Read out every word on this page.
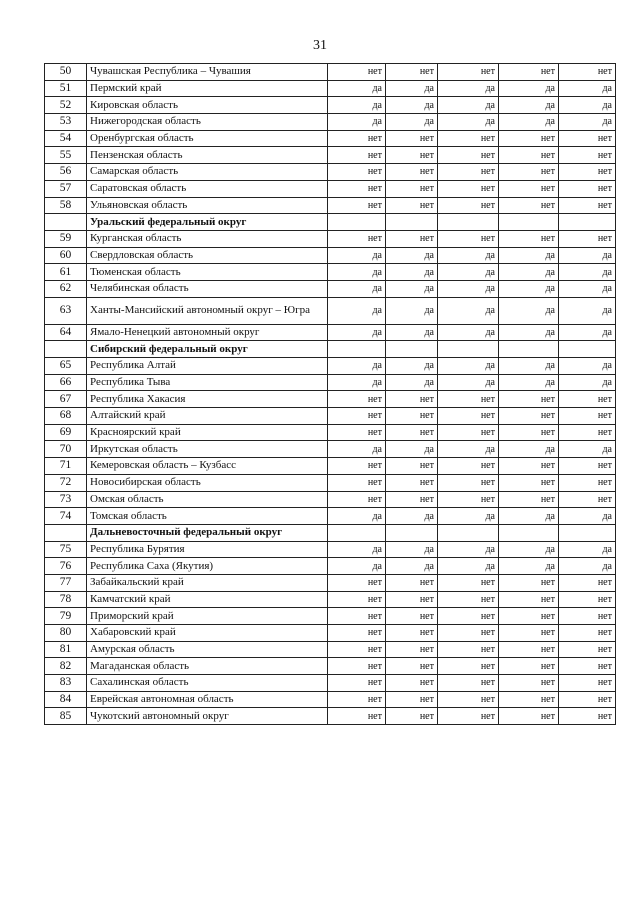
31
50	Чувашская Республика – Чувашия	нет	нет	нет	нет	нет
51	Пермский край	да	да	да	да	да
52	Кировская область	да	да	да	да	да
53	Нижегородская область	да	да	да	да	да
54	Оренбургская область	нет	нет	нет	нет	нет
55	Пензенская область	нет	нет	нет	нет	нет
56	Самарская область	нет	нет	нет	нет	нет
57	Саратовская область	нет	нет	нет	нет	нет
58	Ульяновская область	нет	нет	нет	нет	нет
	Уральский федеральный округ					
59	Курганская область	нет	нет	нет	нет	нет
60	Свердловская область	да	да	да	да	да
61	Тюменская область	да	да	да	да	да
62	Челябинская область	да	да	да	да	да
63	Ханты-Мансийский автономный округ – Югра	да	да	да	да	да
64	Ямало-Ненецкий автономный округ	да	да	да	да	да
	Сибирский федеральный округ					
65	Республика Алтай	да	да	да	да	да
66	Республика Тыва	да	да	да	да	да
67	Республика Хакасия	нет	нет	нет	нет	нет
68	Алтайский край	нет	нет	нет	нет	нет
69	Красноярский край	нет	нет	нет	нет	нет
70	Иркутская область	да	да	да	да	да
71	Кемеровская область – Кузбасс	нет	нет	нет	нет	нет
72	Новосибирская область	нет	нет	нет	нет	нет
73	Омская область	нет	нет	нет	нет	нет
74	Томская область	да	да	да	да	да
	Дальневосточный федеральный округ					
75	Республика Бурятия	да	да	да	да	да
76	Республика Саха (Якутия)	да	да	да	да	да
77	Забайкальский край	нет	нет	нет	нет	нет
78	Камчатский край	нет	нет	нет	нет	нет
79	Приморский край	нет	нет	нет	нет	нет
80	Хабаровский край	нет	нет	нет	нет	нет
81	Амурская область	нет	нет	нет	нет	нет
82	Магаданская область	нет	нет	нет	нет	нет
83	Сахалинская область	нет	нет	нет	нет	нет
84	Еврейская автономная область	нет	нет	нет	нет	нет
85	Чукотский автономный округ	нет	нет	нет	нет	нет
